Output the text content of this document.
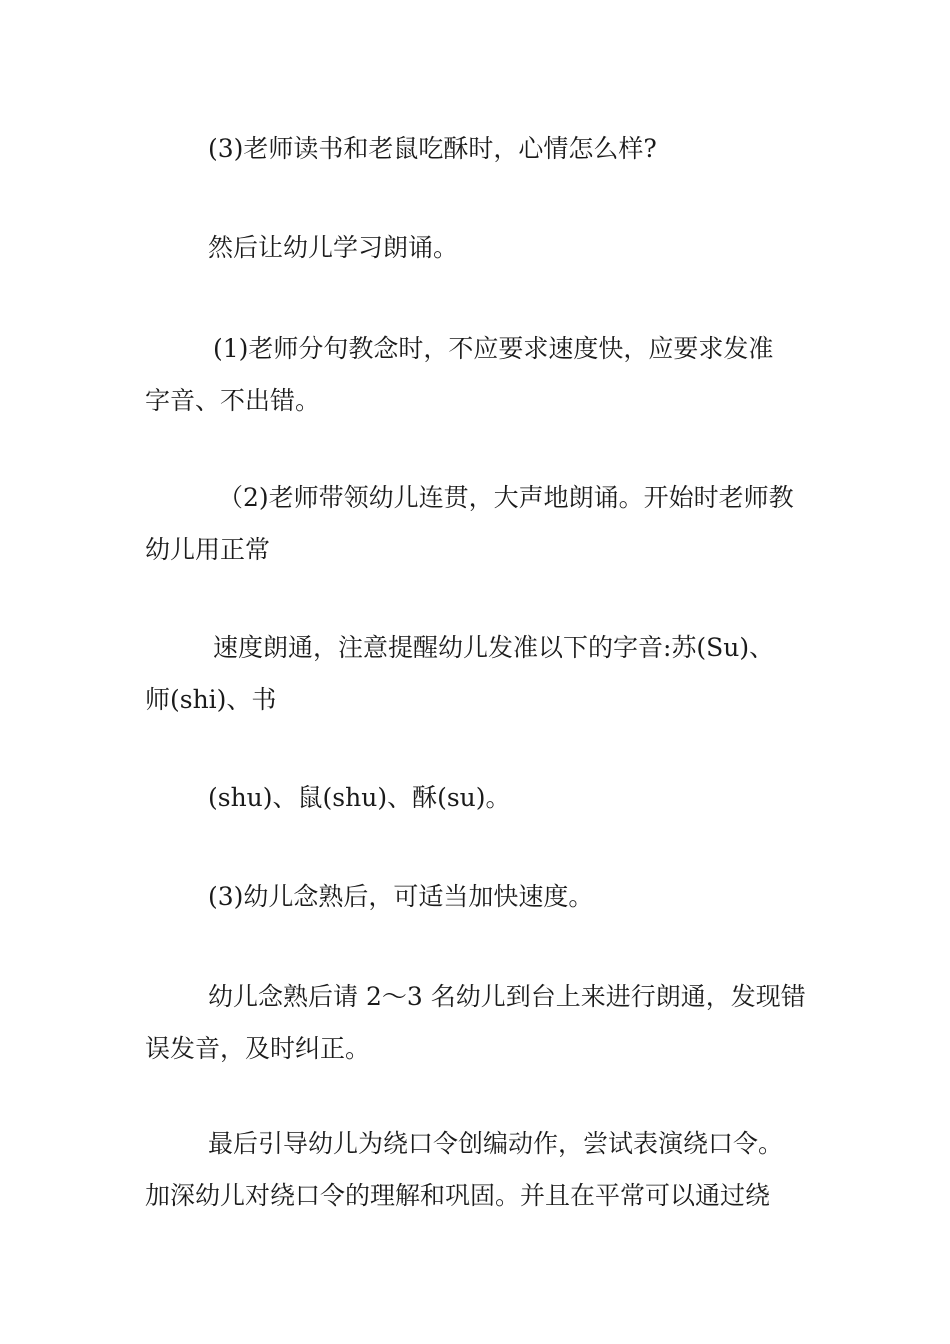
(3)老师读书和老鼠吃酥时，心情怎么样?

然后让幼儿学习朗诵。

(1)老师分句教念时，不应要求速度快，应要求发准
字音、不出错。

（2)老师带领幼儿连贯，大声地朗诵。开始时老师教
幼儿用正常

速度朗通，注意提醒幼儿发准以下的字音:苏(Su)、
师(shi)、书

(shu)、鼠(shu)、酥(su)。

(3)幼儿念熟后，可适当加快速度。

幼儿念熟后请 2～3 名幼儿到台上来进行朗通，发现错
误发音，及时纠正。

最后引导幼儿为绕口令创编动作，尝试表演绕口令。
加深幼儿对绕口令的理解和巩固。并且在平常可以通过绕
